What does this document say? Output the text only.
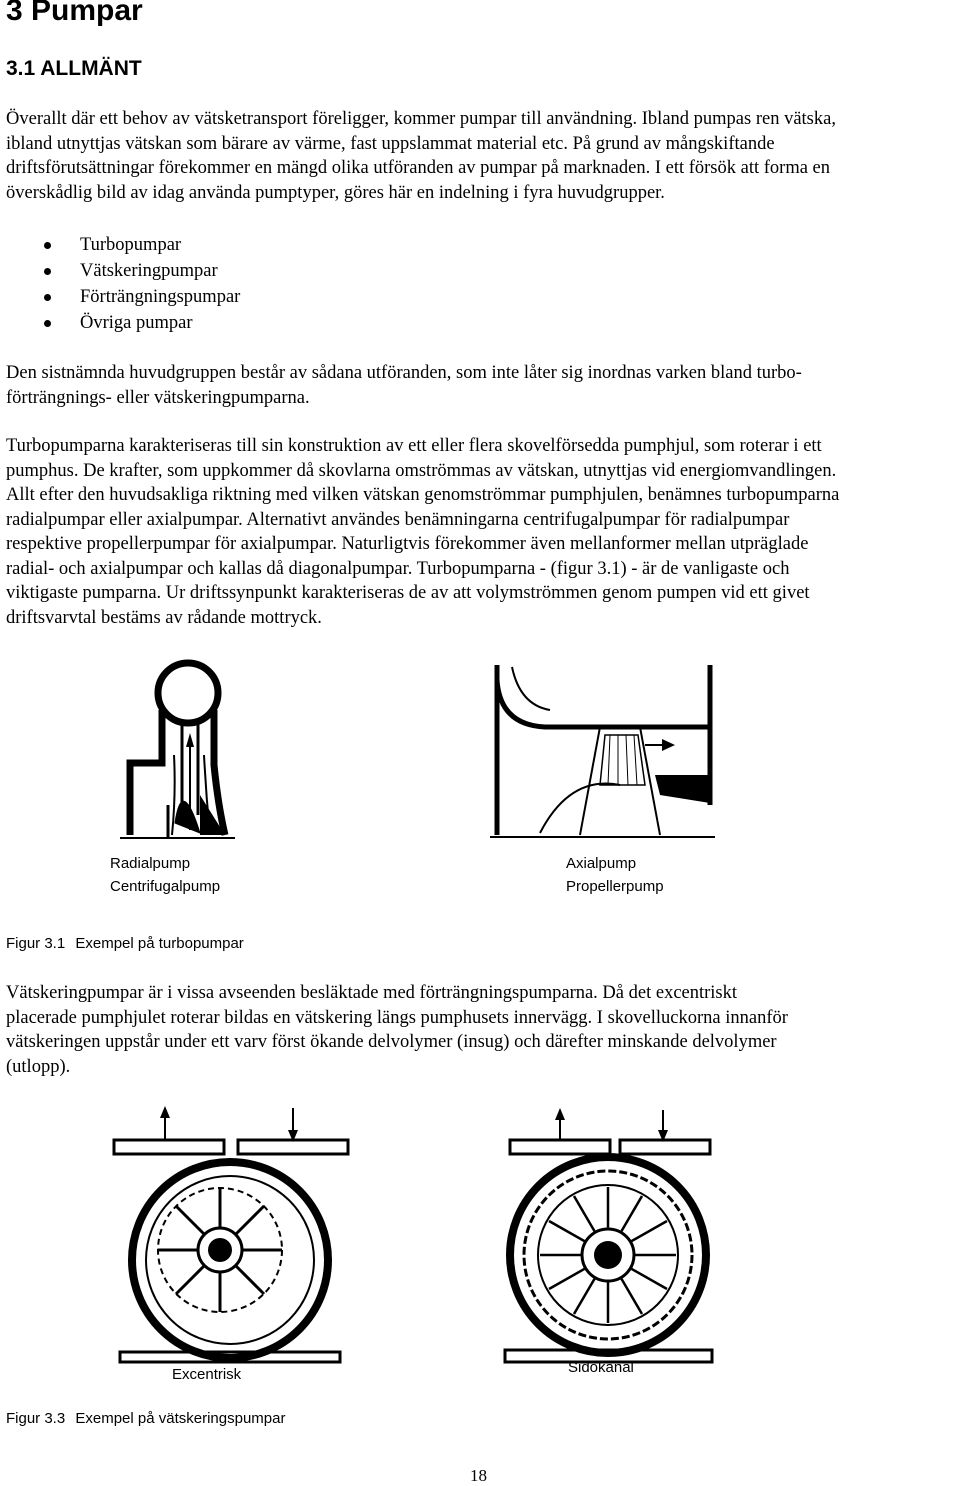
3 Pumpar
3.1 ALLMÄNT

Överallt där ett behov av vätsketransport föreligger, kommer pumpar till användning. Ibland pumpas ren vätska,
ibland utnyttjas vätskan som bärare av värme, fast uppslammat material etc. På grund av mångskiftande
driftsförutsättningar förekommer en mängd olika utföranden av pumpar på marknaden. I ett försök att forma en
överskådlig bild av idag använda pumptyper, göres här en indelning i fyra huvudgrupper.

Turbopumpar
Vätskeringpumpar
Förträngningspumpar
Övriga pumpar

Den sistnämnda huvudgruppen består av sådana utföranden, som inte låter sig inordnas varken bland turbo-
förträngnings- eller vätskeringpumparna.

Turbopumparna karakteriseras till sin konstruktion av ett eller flera skovelförsedda pumphjul, som roterar i ett
pumphus. De krafter, som uppkommer då skovlarna omströmmas av vätskan, utnyttjas vid energiomvandlingen.
Allt efter den huvudsakliga riktning med vilken vätskan genomströmmar pumphjulen, benämnes turbopumparna
radialpumpar eller axialpumpar. Alternativt användes benämningarna centrifugalpumpar för radialpumpar
respektive propellerpumpar för axialpumpar. Naturligtvis förekommer även mellanformer mellan utpräglade
radial- och axialpumpar och kallas då diagonalpumpar. Turbopumparna - (figur 3.1) - är de vanligaste och
viktigaste pumparna. Ur driftssynpunkt karakteriseras de av att volymströmmen genom pumpen vid ett givet
driftsvarvtal bestäms av rådande mottryck.

Radialpump
Centrifugalpump
Axialpump
Propellerpump

Figur 3.1 Exempel på turbopumpar

Vätskeringpumpar är i vissa avseenden besläktade med förträngningspumparna. Då det excentriskt
placerade pumphjulet roterar bildas en vätskering längs pumphusets innervägg. I skovelluckorna innanför
vätskeringen uppstår under ett varv först ökande delvolymer (insug) och därefter minskande delvolymer
(utlopp).

Excentrisk	Sidokanal

Figur 3.3 Exempel på vätskeringspumpar

18
